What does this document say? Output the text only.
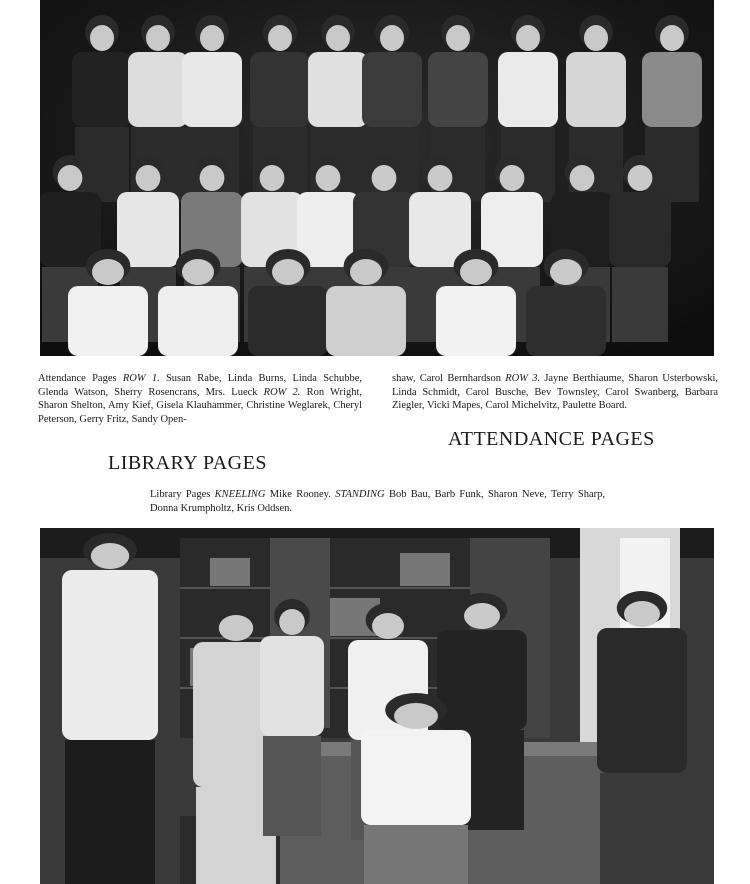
Attendance Pages ROW 1. Susan Rabe, Linda Burns, Linda Schubbe, Glenda Watson, Sherry Rosencrans, Mrs. Lueck ROW 2. Ron Wright, Sharon Shelton, Amy Kief, Gisela Klauhammer, Christine Weglarek, Cheryl Peterson, Gerry Fritz, Sandy Open-

shaw, Carol Bernhardson ROW 3. Jayne Berthiaume, Sharon Usterbowski, Linda Schmidt, Carol Busche, Bev Townsley, Carol Swanberg, Barbara Ziegler, Vicki Mapes, Carol Michelvitz, Paulette Board.

ATTENDANCE PAGES
LIBRARY PAGES

Library Pages KNEELING Mike Rooney. STANDING Bob Bau, Barb Funk, Sharon Neve, Terry Sharp, Donna Krumpholtz, Kris Oddsen.
